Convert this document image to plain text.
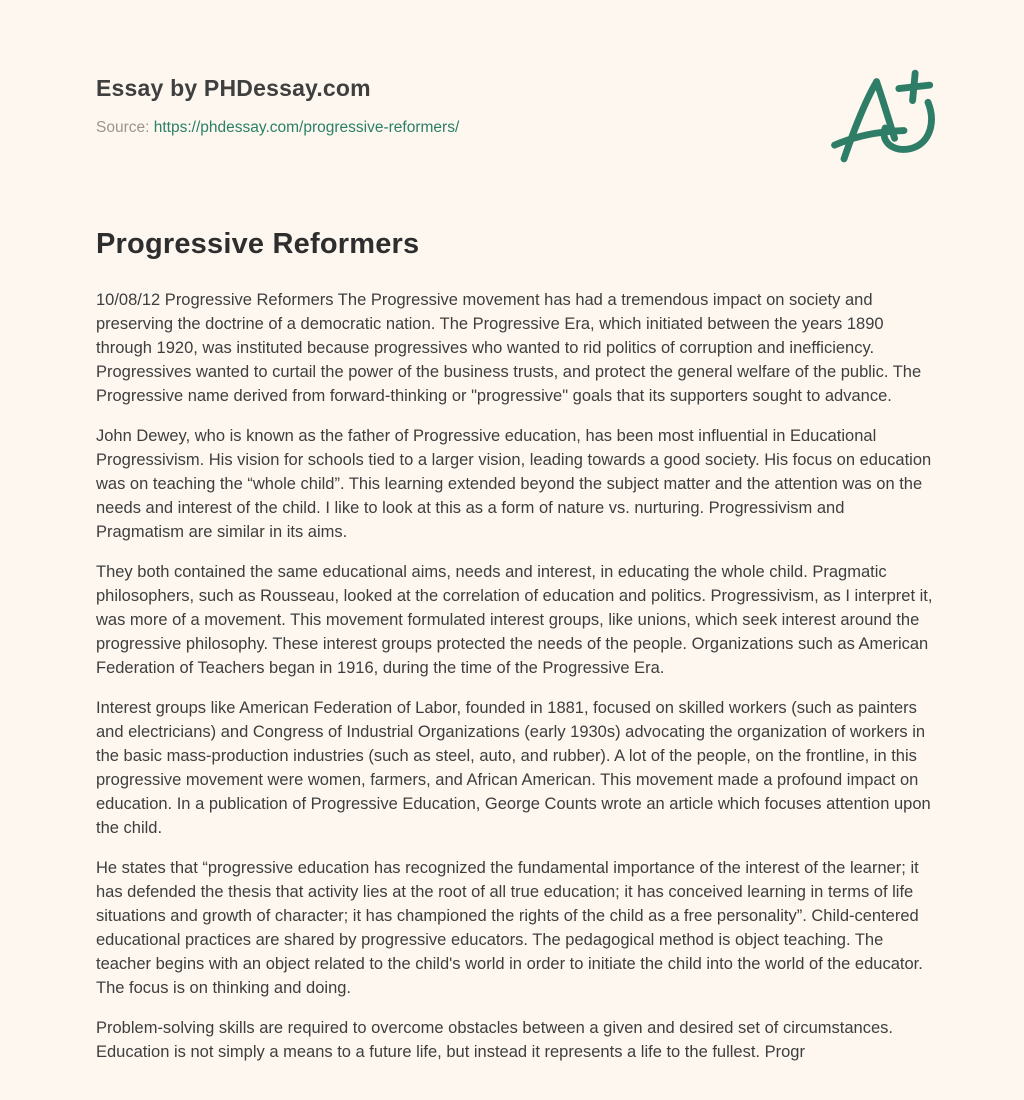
Essay by PHDessay.com
Source: https://phdessay.com/progressive-reformers/
Progressive Reformers

10/08/12 Progressive Reformers The Progressive movement has had a tremendous impact on society and preserving the doctrine of a democratic nation. The Progressive Era, which initiated between the years 1890 through 1920, was instituted because progressives who wanted to rid politics of corruption and inefficiency. Progressives wanted to curtail the power of the business trusts, and protect the general welfare of the public. The Progressive name derived from forward-thinking or "progressive" goals that its supporters sought to advance.

John Dewey, who is known as the father of Progressive education, has been most influential in Educational Progressivism. His vision for schools tied to a larger vision, leading towards a good society. His focus on education was on teaching the “whole child”. This learning extended beyond the subject matter and the attention was on the needs and interest of the child. I like to look at this as a form of nature vs. nurturing. Progressivism and Pragmatism are similar in its aims.

They both contained the same educational aims, needs and interest, in educating the whole child. Pragmatic philosophers, such as Rousseau, looked at the correlation of education and politics. Progressivism, as I interpret it, was more of a movement. This movement formulated interest groups, like unions, which seek interest around the progressive philosophy. These interest groups protected the needs of the people. Organizations such as American Federation of Teachers began in 1916, during the time of the Progressive Era.

Interest groups like American Federation of Labor, founded in 1881, focused on skilled workers (such as painters and electricians) and Congress of Industrial Organizations (early 1930s) advocating the organization of workers in the basic mass-production industries (such as steel, auto, and rubber). A lot of the people, on the frontline, in this progressive movement were women, farmers, and African American. This movement made a profound impact on education. In a publication of Progressive Education, George Counts wrote an article which focuses attention upon the child.

He states that “progressive education has recognized the fundamental importance of the interest of the learner; it has defended the thesis that activity lies at the root of all true education; it has conceived learning in terms of life situations and growth of character; it has championed the rights of the child as a free personality”. Child-centered educational practices are shared by progressive educators. The pedagogical method is object teaching. The teacher begins with an object related to the child's world in order to initiate the child into the world of the educator. The focus is on thinking and doing.

Problem-solving skills are required to overcome obstacles between a given and desired set of circumstances. Education is not simply a means to a future life, but instead it represents a life to the fullest. Progr
